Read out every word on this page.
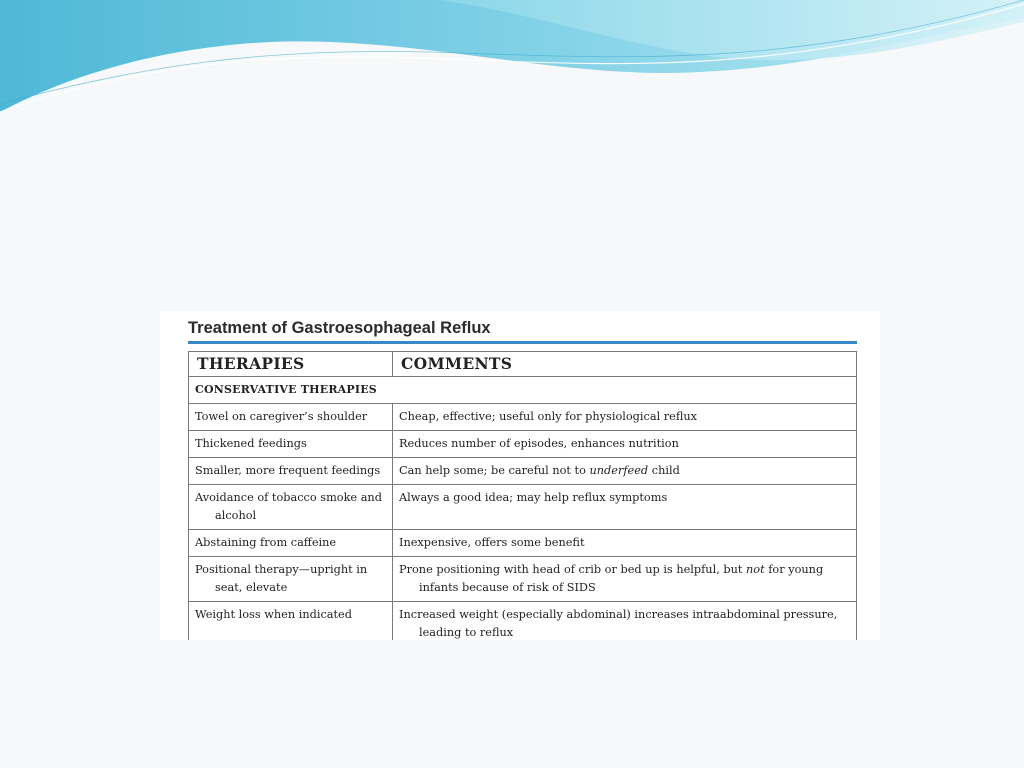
Treatment of Gastroesophageal Reflux
THERAPIES	COMMENTS
CONSERVATIVE THERAPIES	
Towel on caregiver’s shoulder	Cheap, effective; useful only for physiological reflux
Thickened feedings	Reduces number of episodes, enhances nutrition
Smaller, more frequent feedings	Can help some; be careful not to underfeed child
Avoidance of tobacco smoke and alcohol	Always a good idea; may help reflux symptoms
Abstaining from caffeine	Inexpensive, offers some benefit
Positional therapy—upright in seat, elevate	Prone positioning with head of crib or bed up is helpful, but not for young infants because of risk of SIDS
Weight loss when indicated	Increased weight (especially abdominal) increases intraabdominal pressure, leading to reflux
